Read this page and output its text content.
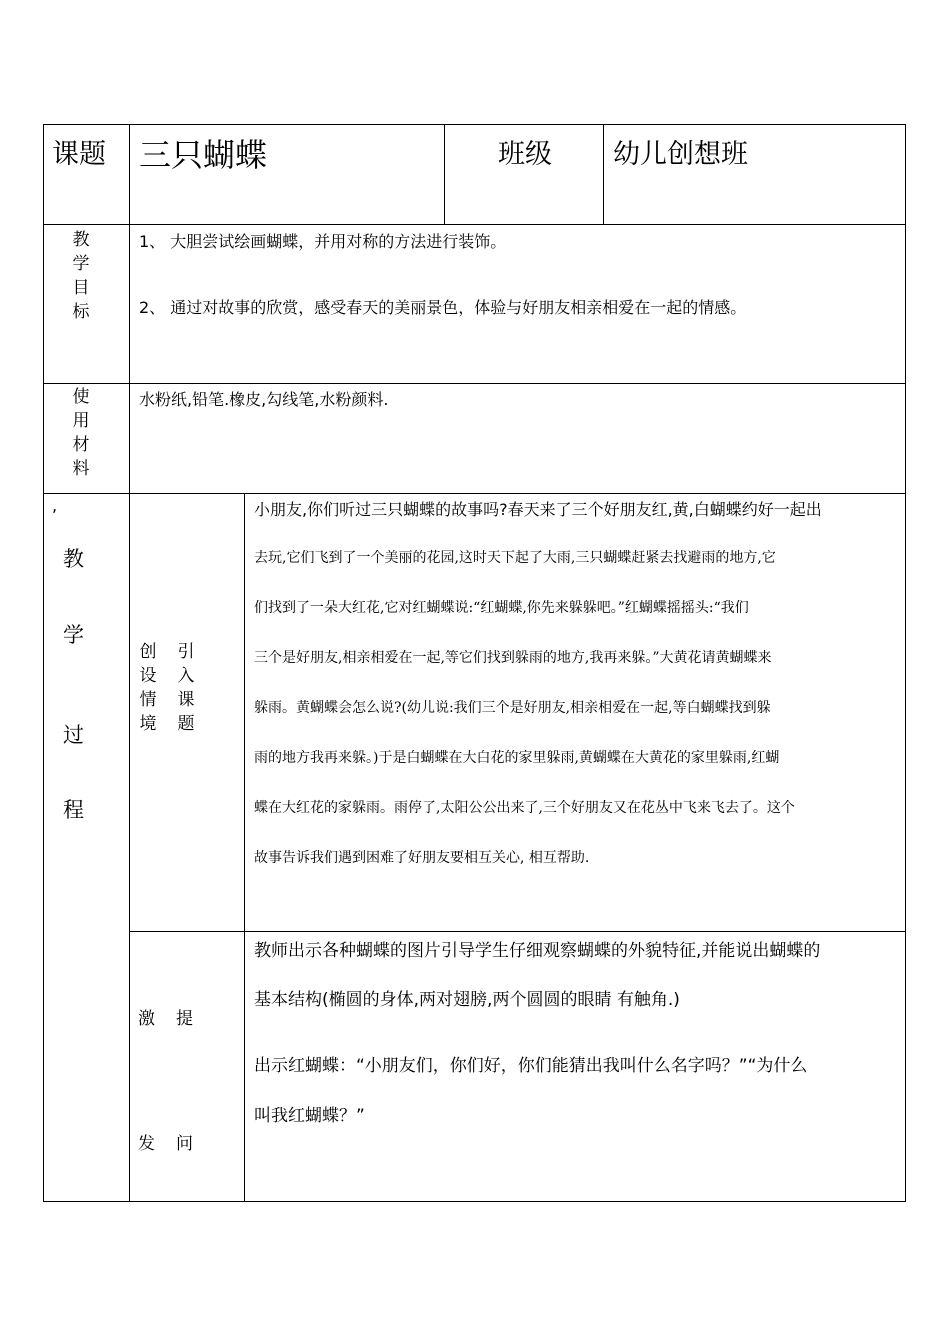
课题 三只蝴蝶	班级 幼儿创想班
教
学
目
标
1、 大胆尝试绘画蝴蝶，并用对称的方法进行装饰。
2、 通过对故事的欣赏，感受春天的美丽景色，体验与好朋友相亲相爱在一起的情感。
使
用
材
料
水粉纸,铅笔.橡皮,勾线笔,水粉颜料.
,
教
学
过
程
创
设
情
境
引
入
课
题
小朋友,你们听过三只蝴蝶的故事吗?春天来了三个好朋友红,黄,白蝴蝶约好一起出
去玩,它们飞到了一个美丽的花园,这时天下起了大雨,三只蝴蝶赶紧去找避雨的地方,它
们找到了一朵大红花,它对红蝴蝶说:“红蝴蝶,你先来躲躲吧。”红蝴蝶摇摇头:“我们
三个是好朋友,相亲相爱在一起,等它们找到躲雨的地方,我再来躲。”大黄花请黄蝴蝶来
躲雨。黄蝴蝶会怎么说?(幼儿说:我们三个是好朋友,相亲相爱在一起,等白蝴蝶找到躲
雨的地方我再来躲。)于是白蝴蝶在大白花的家里躲雨,黄蝴蝶在大黄花的家里躲雨,红蝴
蝶在大红花的家躲雨。雨停了,太阳公公出来了,三个好朋友又在花丛中飞来飞去了。这个
故事告诉我们遇到困难了好朋友要相互关心, 相互帮助.
激 提
发 问
教师出示各种蝴蝶的图片引导学生仔细观察蝴蝶的外貌特征,并能说出蝴蝶的
基本结构(椭圆的身体,两对翅膀,两个圆圆的眼睛 有触角.)
出示红蝴蝶：“小朋友们，你们好，你们能猜出我叫什么名字吗？”“为什么
叫我红蝴蝶？”
